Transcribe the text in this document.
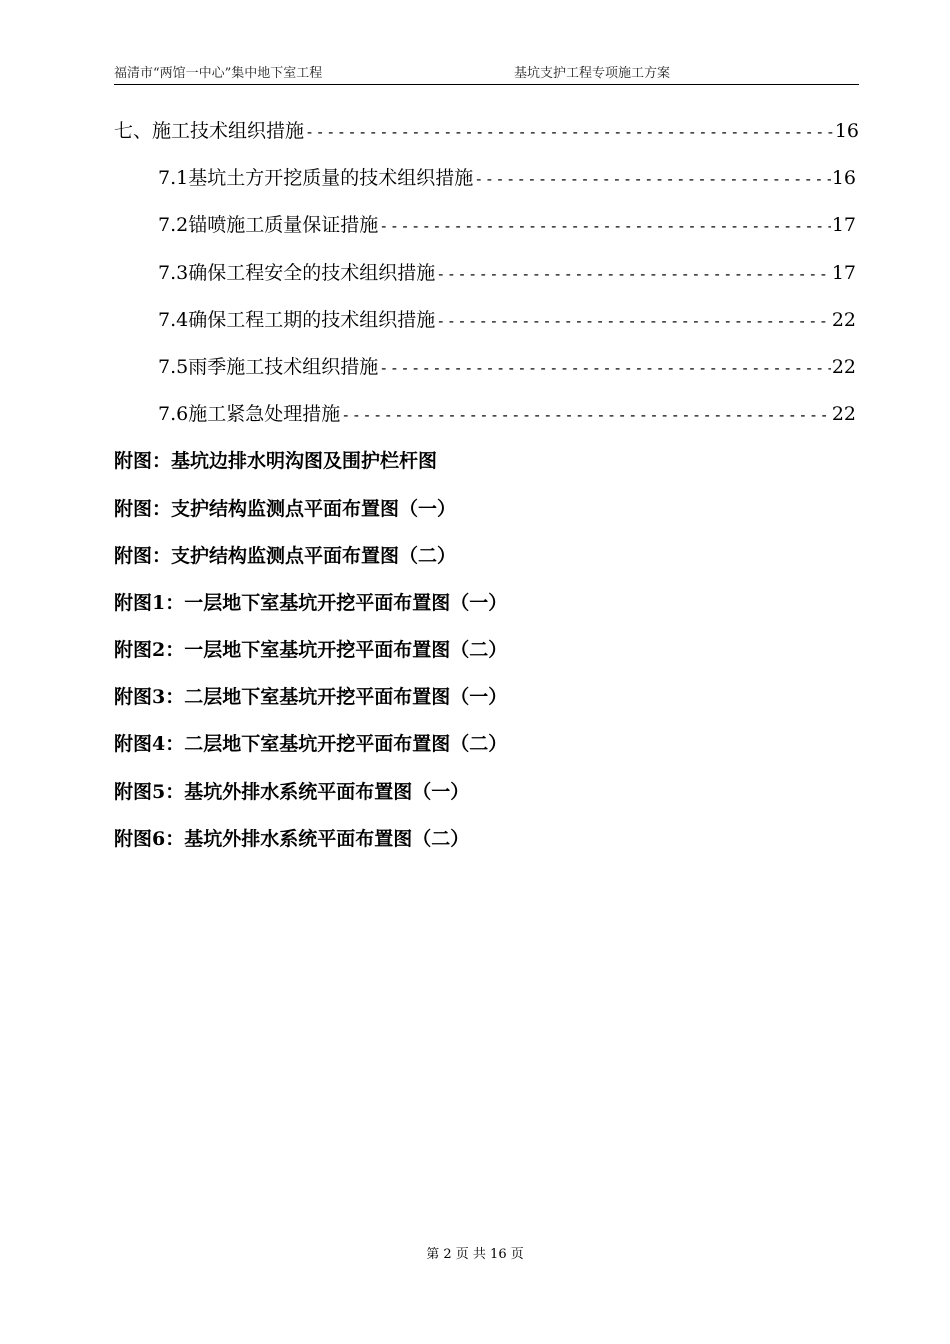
福清市“两馆一中心”集中地下室工程	基坑支护工程专项施工方案
七、施工技术组织措施 -----	16
7.1基坑土方开挖质量的技术组织措施 -----	16
7.2锚喷施工质量保证措施 -----	17
7.3确保工程安全的技术组织措施 -----	17
7.4确保工程工期的技术组织措施 -----	22
7.5雨季施工技术组织措施 -----	22
7.6施工紧急处理措施 -----	22
附图：基坑边排水明沟图及围护栏杆图
附图：支护结构监测点平面布置图（一）
附图：支护结构监测点平面布置图（二）
附图1：一层地下室基坑开挖平面布置图（一）
附图2：一层地下室基坑开挖平面布置图（二）
附图3：二层地下室基坑开挖平面布置图（一）
附图4：二层地下室基坑开挖平面布置图（二）
附图5：基坑外排水系统平面布置图（一）
附图6：基坑外排水系统平面布置图（二）
第 2 页 共 16 页
